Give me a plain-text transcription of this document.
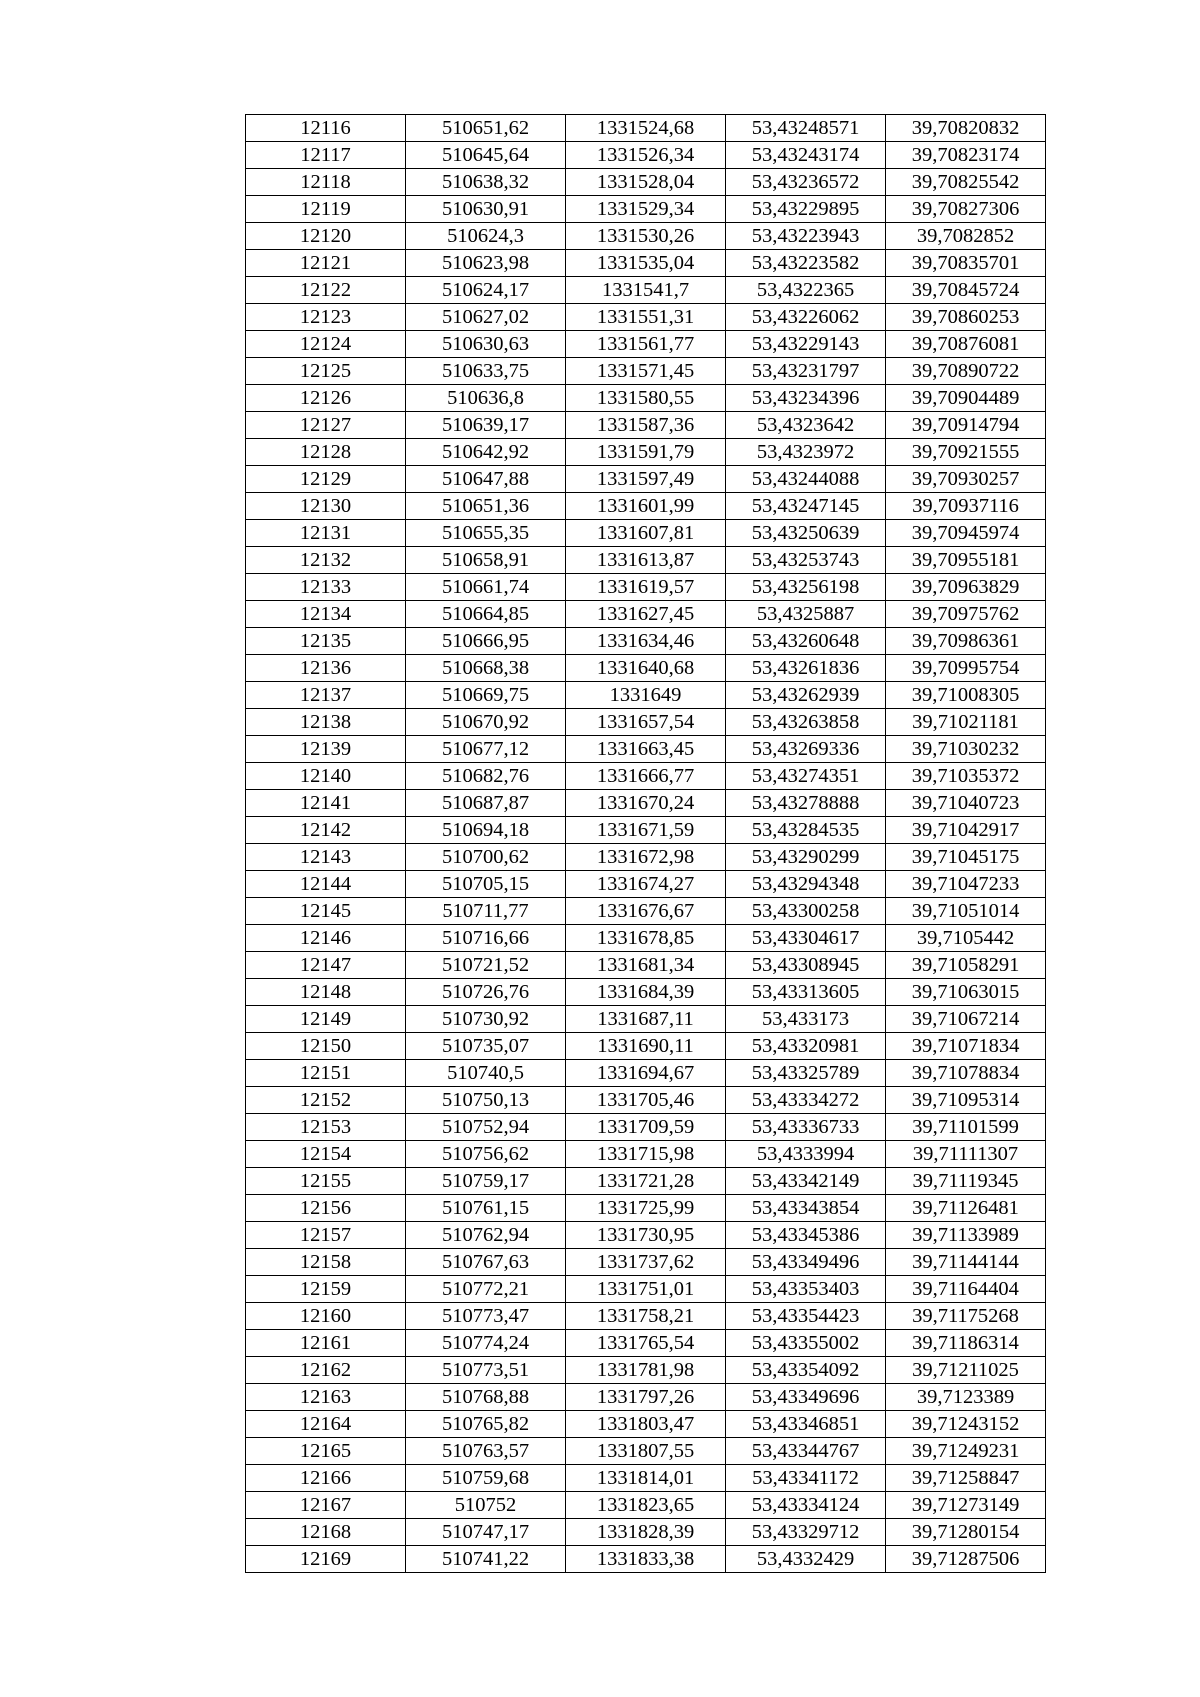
12116	510651,62	1331524,68	53,43248571	39,70820832
12117	510645,64	1331526,34	53,43243174	39,70823174
12118	510638,32	1331528,04	53,43236572	39,70825542
12119	510630,91	1331529,34	53,43229895	39,70827306
12120	510624,3	1331530,26	53,43223943	39,7082852
12121	510623,98	1331535,04	53,43223582	39,70835701
12122	510624,17	1331541,7	53,4322365	39,70845724
12123	510627,02	1331551,31	53,43226062	39,70860253
12124	510630,63	1331561,77	53,43229143	39,70876081
12125	510633,75	1331571,45	53,43231797	39,70890722
12126	510636,8	1331580,55	53,43234396	39,70904489
12127	510639,17	1331587,36	53,4323642	39,70914794
12128	510642,92	1331591,79	53,4323972	39,70921555
12129	510647,88	1331597,49	53,43244088	39,70930257
12130	510651,36	1331601,99	53,43247145	39,70937116
12131	510655,35	1331607,81	53,43250639	39,70945974
12132	510658,91	1331613,87	53,43253743	39,70955181
12133	510661,74	1331619,57	53,43256198	39,70963829
12134	510664,85	1331627,45	53,4325887	39,70975762
12135	510666,95	1331634,46	53,43260648	39,70986361
12136	510668,38	1331640,68	53,43261836	39,70995754
12137	510669,75	1331649	53,43262939	39,71008305
12138	510670,92	1331657,54	53,43263858	39,71021181
12139	510677,12	1331663,45	53,43269336	39,71030232
12140	510682,76	1331666,77	53,43274351	39,71035372
12141	510687,87	1331670,24	53,43278888	39,71040723
12142	510694,18	1331671,59	53,43284535	39,71042917
12143	510700,62	1331672,98	53,43290299	39,71045175
12144	510705,15	1331674,27	53,43294348	39,71047233
12145	510711,77	1331676,67	53,43300258	39,71051014
12146	510716,66	1331678,85	53,43304617	39,7105442
12147	510721,52	1331681,34	53,43308945	39,71058291
12148	510726,76	1331684,39	53,43313605	39,71063015
12149	510730,92	1331687,11	53,433173	39,71067214
12150	510735,07	1331690,11	53,43320981	39,71071834
12151	510740,5	1331694,67	53,43325789	39,71078834
12152	510750,13	1331705,46	53,43334272	39,71095314
12153	510752,94	1331709,59	53,43336733	39,71101599
12154	510756,62	1331715,98	53,4333994	39,71111307
12155	510759,17	1331721,28	53,43342149	39,71119345
12156	510761,15	1331725,99	53,43343854	39,71126481
12157	510762,94	1331730,95	53,43345386	39,71133989
12158	510767,63	1331737,62	53,43349496	39,71144144
12159	510772,21	1331751,01	53,43353403	39,71164404
12160	510773,47	1331758,21	53,43354423	39,71175268
12161	510774,24	1331765,54	53,43355002	39,71186314
12162	510773,51	1331781,98	53,43354092	39,71211025
12163	510768,88	1331797,26	53,43349696	39,7123389
12164	510765,82	1331803,47	53,43346851	39,71243152
12165	510763,57	1331807,55	53,43344767	39,71249231
12166	510759,68	1331814,01	53,43341172	39,71258847
12167	510752	1331823,65	53,43334124	39,71273149
12168	510747,17	1331828,39	53,43329712	39,71280154
12169	510741,22	1331833,38	53,4332429	39,71287506
